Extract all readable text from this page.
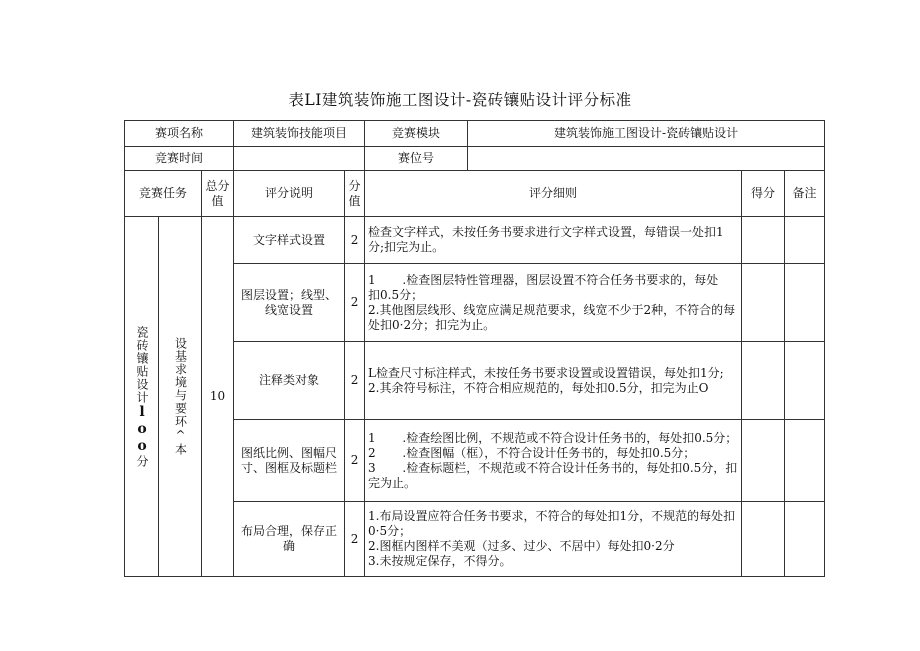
表LI建筑装饰施工图设计-瓷砖镶贴设计评分标准
赛项名称			建筑装饰技能项目		竞赛模块	建筑装饰施工图设计-瓷砖镶贴设计		
竞赛时间					赛位号			
竞赛任务		总分值	评分说明	分值	评分细则		得分	备注
瓷砖镶贴设计loo分	设基求境与要环^本	10	文字样式设置	2	检查文字样式，未按任务书要求进行文字样式设置，每错误一处扣1分;扣完为止。			

			图层设置；线型、线宽设置	2	1       .检查图层特性管理器，图层设置不符合任务书要求的，每处
扣0.5分；
2.其他图层线形、线宽应满足规范要求，线宽不少于2种，不符合的每处扣0·2分；扣完为止。			

			注释类对象	2	L检查尺寸标注样式，未按任务书要求设置或设置错误，每处扣1分;
2.其余符号标注，不符合相应规范的，每处扣0.5分，扣完为止O			

			图纸比例、图幅尺寸、图框及标题栏	2	1       .检查绘图比例，不规范或不符合设计任务书的，每处扣0.5分；
2       .检查图幅（框），不符合设计任务书的，每处扣0.5分；
3       .检查标题栏，不规范或不符合设计任务书的，每处扣0.5分，扣完为止。			

			布局合理，保存正确	2	1.布局设置应符合任务书要求，不符合的每处扣1分，不规范的每处扣0·5分；
2.图框内图样不美观（过多、过少、不居中）每处扣0·2分
3.未按规定保存，不得分。			
